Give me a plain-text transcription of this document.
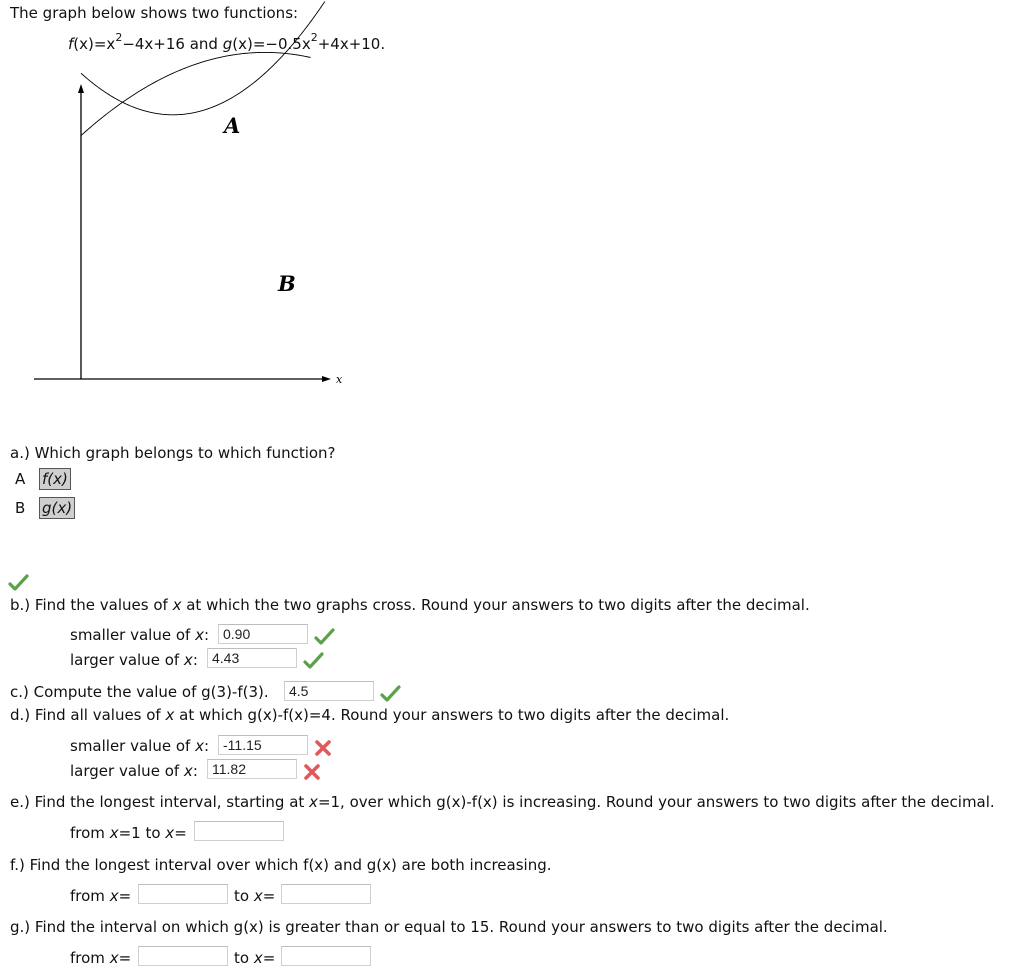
The graph below shows two functions:
$f(x)=x^2-4x+16$ and $g(x)=-0.5x^2+4x+10$.
x
A
B
a.) Which graph belongs to which function?
A f(x)
B g(x)
b.) Find the values of x at which the two graphs cross. Round your answers to two digits after the decimal.
smaller value of x:
0.90
larger value of x:
4.43
c.) Compute the value of g(3)-f(3).
4.5
d.) Find all values of x at which g(x)-f(x)=4. Round your answers to two digits after the decimal.
smaller value of x:
-11.15
larger value of x:
11.82
e.) Find the longest interval, starting at x=1, over which g(x)-f(x) is increasing. Round your answers to two digits after the decimal.
from x=1 to x=
f.) Find the longest interval over which f(x) and g(x) are both increasing.
from x=	to x=
g.) Find the interval on which g(x) is greater than or equal to 15. Round your answers to two digits after the decimal.
from x=	to x=
